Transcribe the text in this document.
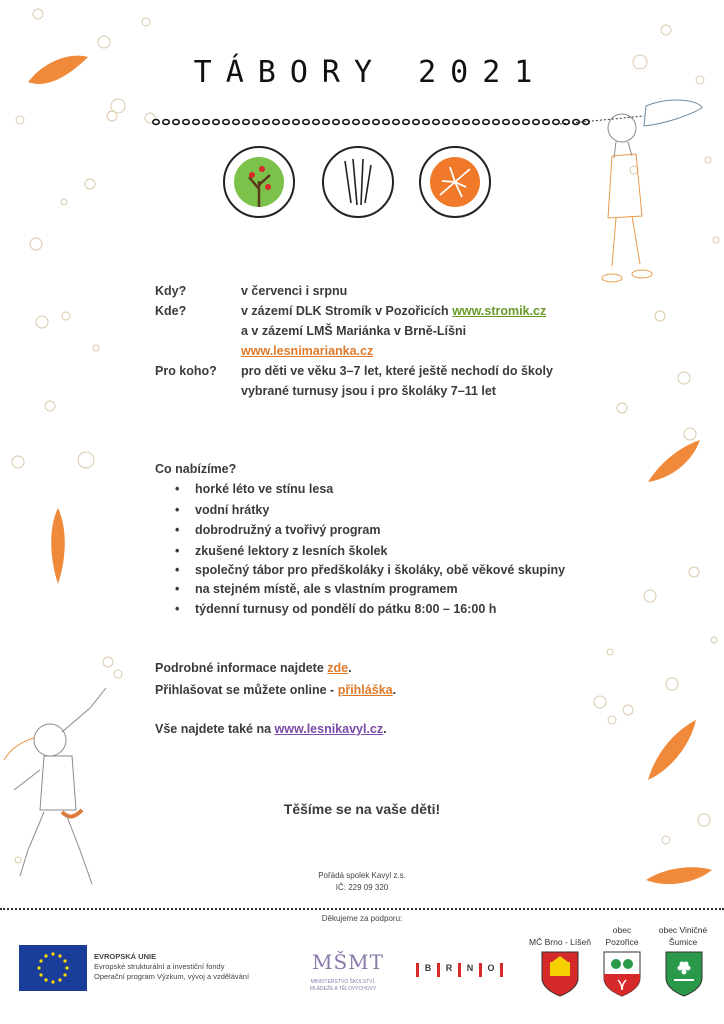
TÁBORY 2021
Kdy?	v červenci i srpnu
Kde?	v zázemí DLK Stromík v Pozořicích www.stromik.cz
a v zázemí LMŠ Mariánka v Brně-Líšni
www.lesnimarianka.cz
Pro koho? pro děti ve věku 3–7 let, které ještě nechodí do školy
vybrané turnusy jsou i pro školáky 7–11 let
Co nabízíme?
• horké léto ve stínu lesa
• vodní hrátky
• dobrodružný a tvořivý program
• zkušené lektory z lesních školek
• společný tábor pro předškoláky i školáky, obě věkové skupiny
• na stejném místě, ale s vlastním programem
• týdenní turnusy od pondělí do pátku 8:00 – 16:00 h
Podrobné informace najdete zde.
Přihlašovat se můžete online - přihláška.
Vše najdete také na www.lesnikavyl.cz.
Těšíme se na vaše děti!
Pořádá spolek Kavyl z.s.
IČ: 229 09 320
Děkujeme za podporu:
EVROPSKÁ UNIE
Evropské strukturální a investiční fondy
Operační program Výzkum, vývoj a vzdělávání
MŠMT
MINISTERSTVO ŠKOLSTVÍ,
MLÁDEŽE A TĚLOVÝCHOVY
B	R	N	O
MČ Brno - Líšeň
obec
Pozořice
obec Viničné
Šumice
